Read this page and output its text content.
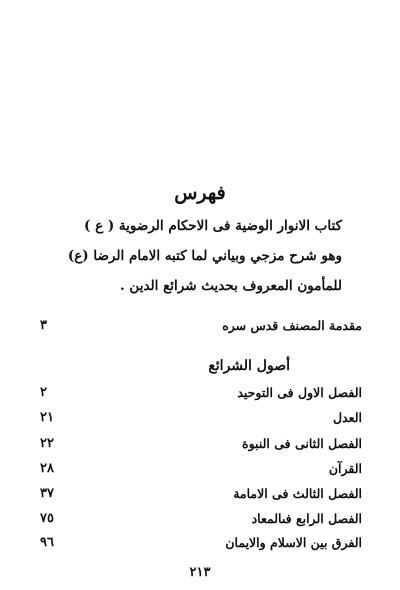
فهرس
كتاب الانوار الوضية فى الاحكام الرضوية ( ع )
وهو شرح مزجي وبياني لما كتبه الامام الرضا (ع)
للمأمون المعروف بحديث شرائع الدين .
مقدمة المصنف قدس سره
٣
أصول الشرائع
الفصل الاول فى التوحيد
٢
العدل
٢١
الفصل الثانى فى النبوة
٢٢
القرآن
٢٨
الفصل الثالث فى الامامة
٣٧
الفصل الرابع فىالمعاد
٧٥
الفرق بين الاسلام والايمان
٩٦
٢١٣
